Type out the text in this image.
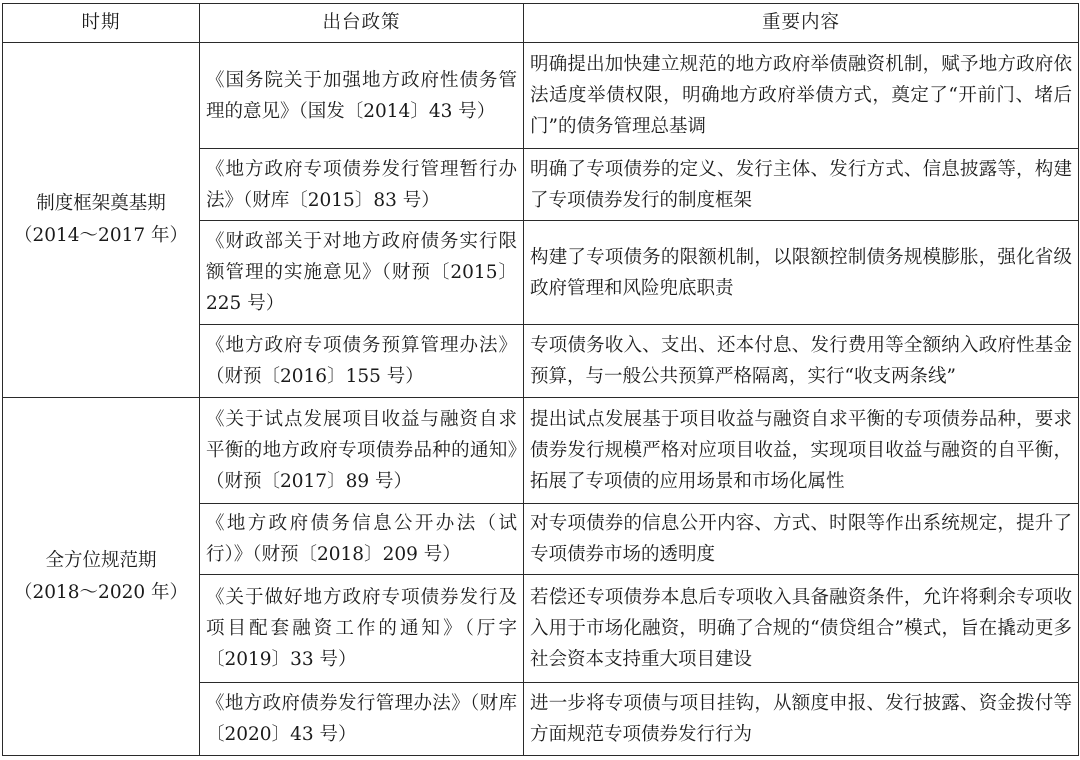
时期	出台政策	重要内容

制度框架奠基期
（2014～2017 年）	《国务院关于加强地方政府性债务管理的意见》（国发〔2014〕43 号）	明确提出加快建立规范的地方政府举债融资机制，赋予地方政府依法适度举债权限，明确地方政府举债方式，奠定了“开前门、堵后门”的债务管理总基调
	《地方政府专项债券发行管理暂行办法》（财库〔2015〕83 号）	明确了专项债券的定义、发行主体、发行方式、信息披露等，构建了专项债券发行的制度框架
	《财政部关于对地方政府债务实行限额管理的实施意见》（财预〔2015〕225 号）	构建了专项债务的限额机制，以限额控制债务规模膨胀，强化省级政府管理和风险兜底职责
	《地方政府专项债务预算管理办法》（财预〔2016〕155 号）	专项债务收入、支出、还本付息、发行费用等全额纳入政府性基金预算，与一般公共预算严格隔离，实行“收支两条线”

全方位规范期
（2018～2020 年）	《关于试点发展项目收益与融资自求平衡的地方政府专项债券品种的通知》（财预〔2017〕89 号）	提出试点发展基于项目收益与融资自求平衡的专项债券品种，要求债券发行规模严格对应项目收益，实现项目收益与融资的自平衡，拓展了专项债的应用场景和市场化属性
	《地方政府债务信息公开办法（试行）》（财预〔2018〕209 号）	对专项债券的信息公开内容、方式、时限等作出系统规定，提升了专项债券市场的透明度
	《关于做好地方政府专项债券发行及项目配套融资工作的通知》（厅字〔2019〕33 号）	若偿还专项债券本息后专项收入具备融资条件，允许将剩余专项收入用于市场化融资，明确了合规的“债贷组合”模式，旨在撬动更多社会资本支持重大项目建设
	《地方政府债券发行管理办法》（财库〔2020〕43 号）	进一步将专项债与项目挂钩，从额度申报、发行披露、资金拨付等方面规范专项债券发行行为
